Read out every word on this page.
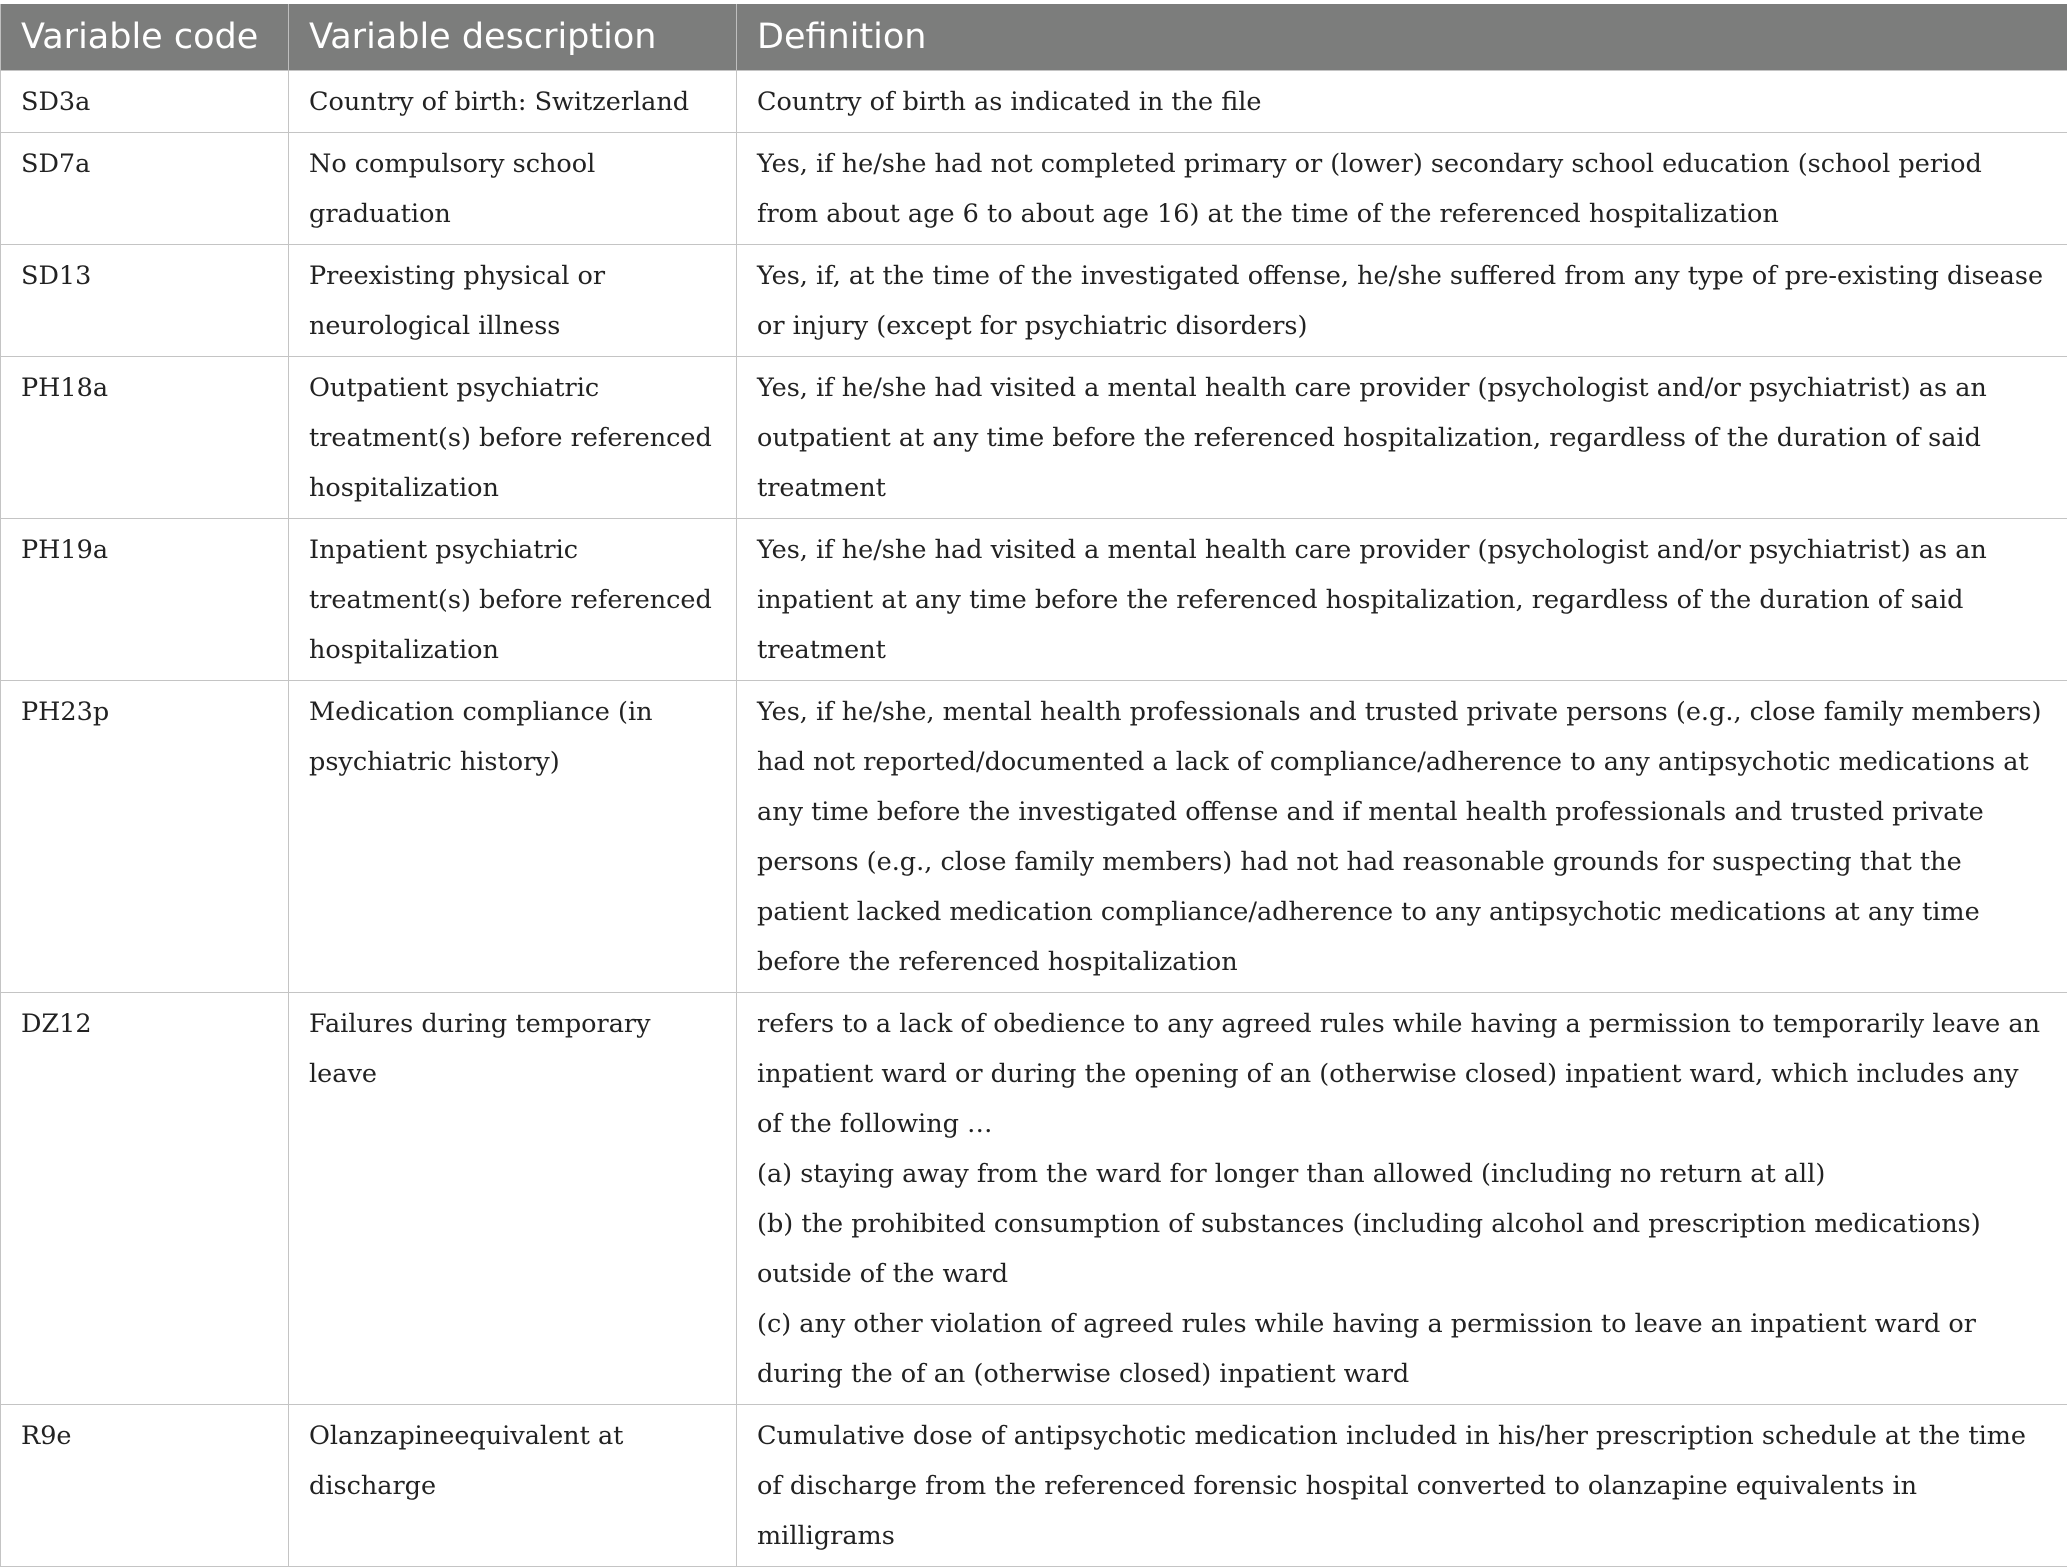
Variable code	Variable description	Definition
SD3a	Country of birth: Switzerland	Country of birth as indicated in the file

SD7a	No compulsory school graduation	Yes, if he/she had not completed primary or (lower) secondary school education (school period from about age 6 to about age 16) at the time of the referenced hospitalization

SD13	Preexisting physical or neurological illness	Yes, if, at the time of the investigated offense, he/she suffered from any type of pre-existing disease or injury (except for psychiatric disorders)

PH18a	Outpatient psychiatric treatment(s) before referenced hospitalization	Yes, if he/she had visited a mental health care provider (psychologist and/or psychiatrist) as an outpatient at any time before the referenced hospitalization, regardless of the duration of said treatment

PH19a	Inpatient psychiatric treatment(s) before referenced hospitalization	Yes, if he/she had visited a mental health care provider (psychologist and/or psychiatrist) as an inpatient at any time before the referenced hospitalization, regardless of the duration of said treatment

PH23p	Medication compliance (in psychiatric history)	Yes, if he/she, mental health professionals and trusted private persons (e.g., close family members) had not reported/documented a lack of compliance/adherence to any antipsychotic medications at any time before the investigated offense and if mental health professionals and trusted private persons (e.g., close family members) had not had reasonable grounds for suspecting that the patient lacked medication compliance/adherence to any antipsychotic medications at any time before the referenced hospitalization

DZ12	Failures during temporary leave	refers to a lack of obedience to any agreed rules while having a permission to temporarily leave an inpatient ward or during the opening of an (otherwise closed) inpatient ward, which includes any of the following …
(a) staying away from the ward for longer than allowed (including no return at all)
(b) the prohibited consumption of substances (including alcohol and prescription medications) outside of the ward
(c) any other violation of agreed rules while having a permission to leave an inpatient ward or during the of an (otherwise closed) inpatient ward

R9e	Olanzapineequivalent at discharge	Cumulative dose of antipsychotic medication included in his/her prescription schedule at the time of discharge from the referenced forensic hospital converted to olanzapine equivalents in milligrams
